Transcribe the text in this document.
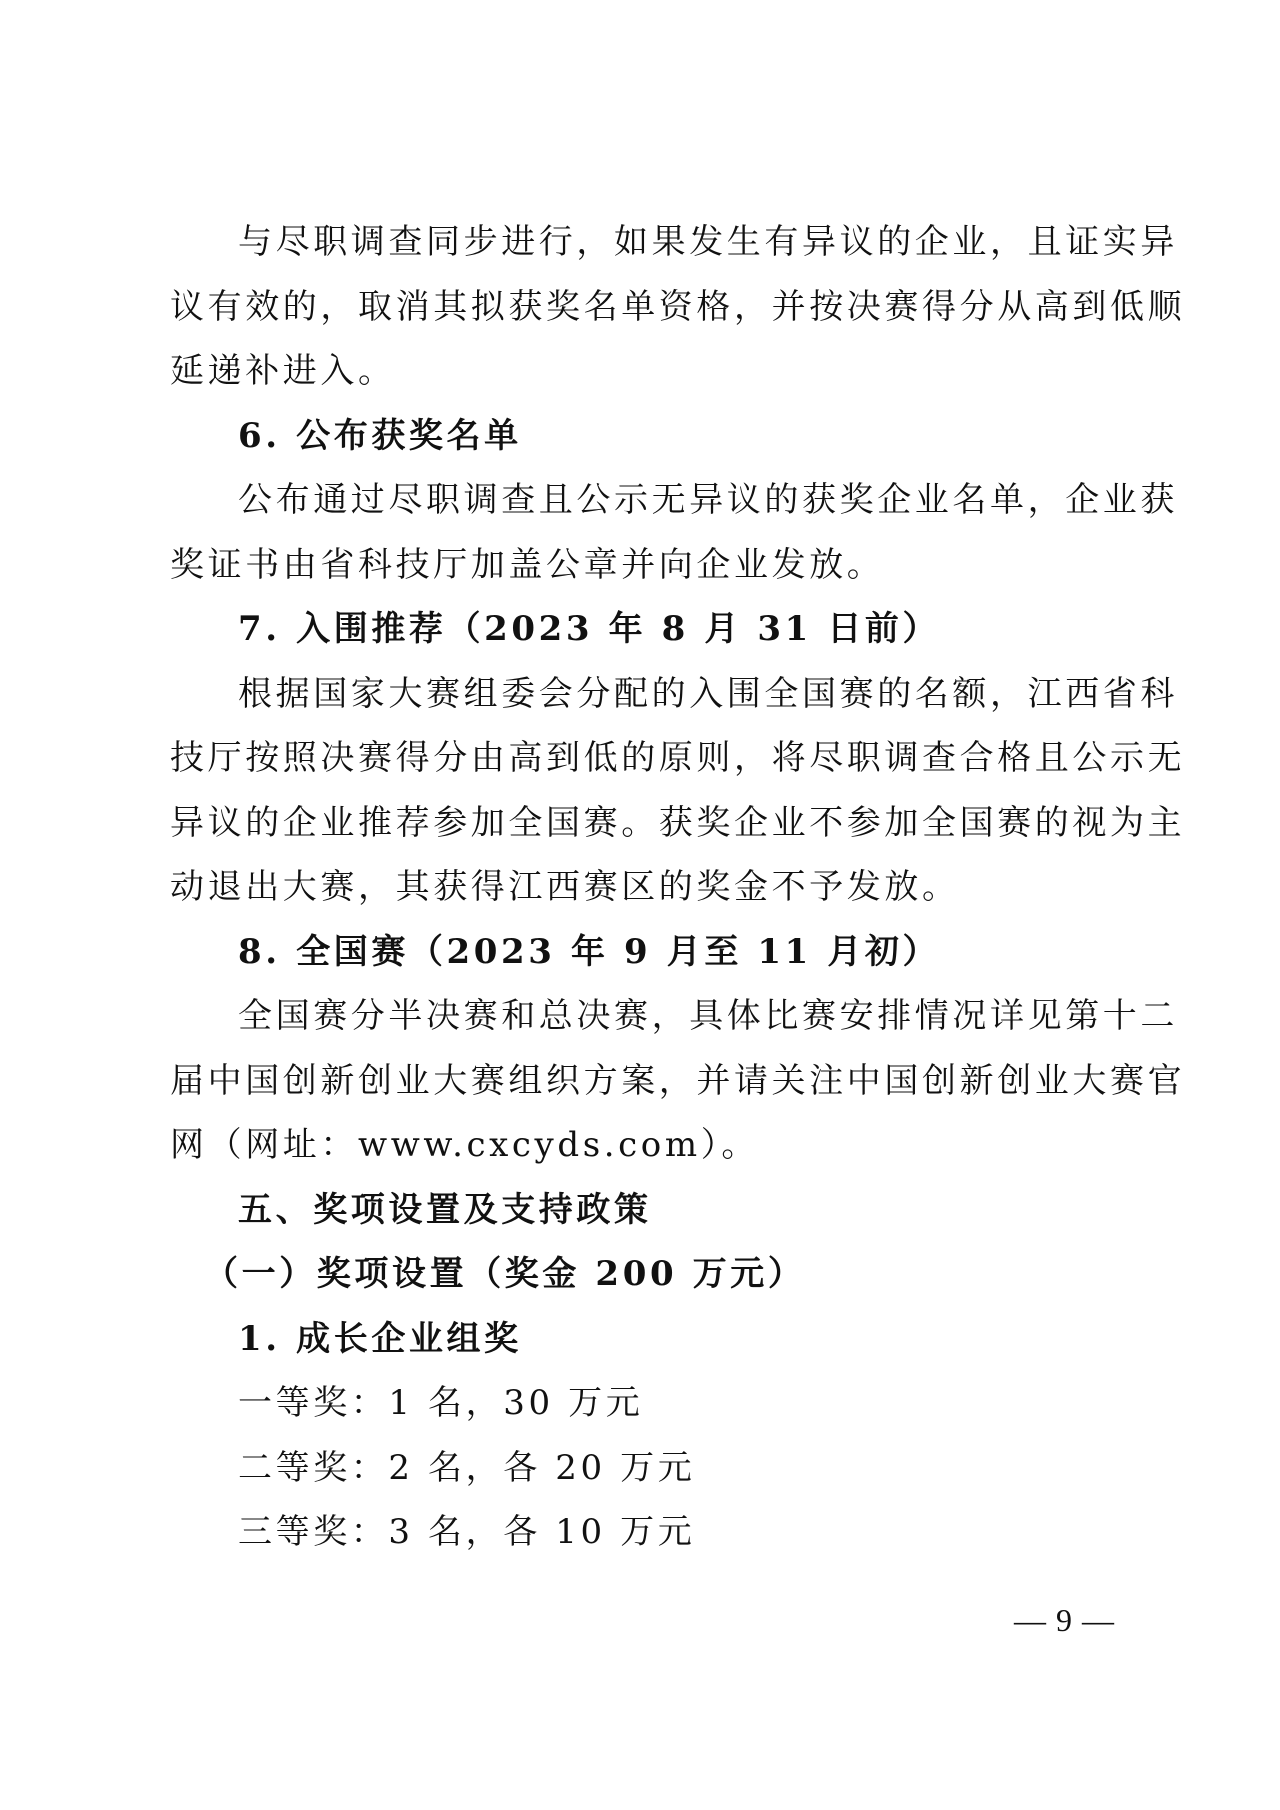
与尽职调查同步进行，如果发生有异议的企业，且证实异

议有效的，取消其拟获奖名单资格，并按决赛得分从高到低顺

延递补进入。

6. 公布获奖名单

公布通过尽职调查且公示无异议的获奖企业名单，企业获

奖证书由省科技厅加盖公章并向企业发放。

7. 入围推荐（2023 年 8 月 31 日前）

根据国家大赛组委会分配的入围全国赛的名额，江西省科

技厅按照决赛得分由高到低的原则，将尽职调查合格且公示无

异议的企业推荐参加全国赛。获奖企业不参加全国赛的视为主

动退出大赛，其获得江西赛区的奖金不予发放。

8. 全国赛（2023 年 9 月至 11 月初）

全国赛分半决赛和总决赛，具体比赛安排情况详见第十二

届中国创新创业大赛组织方案，并请关注中国创新创业大赛官

网（网址：www.cxcyds.com）。

五、奖项设置及支持政策

（一）奖项设置（奖金 200 万元）

1. 成长企业组奖

一等奖：1 名，30 万元

二等奖：2 名，各 20 万元

三等奖：3 名，各 10 万元

— 9 —
